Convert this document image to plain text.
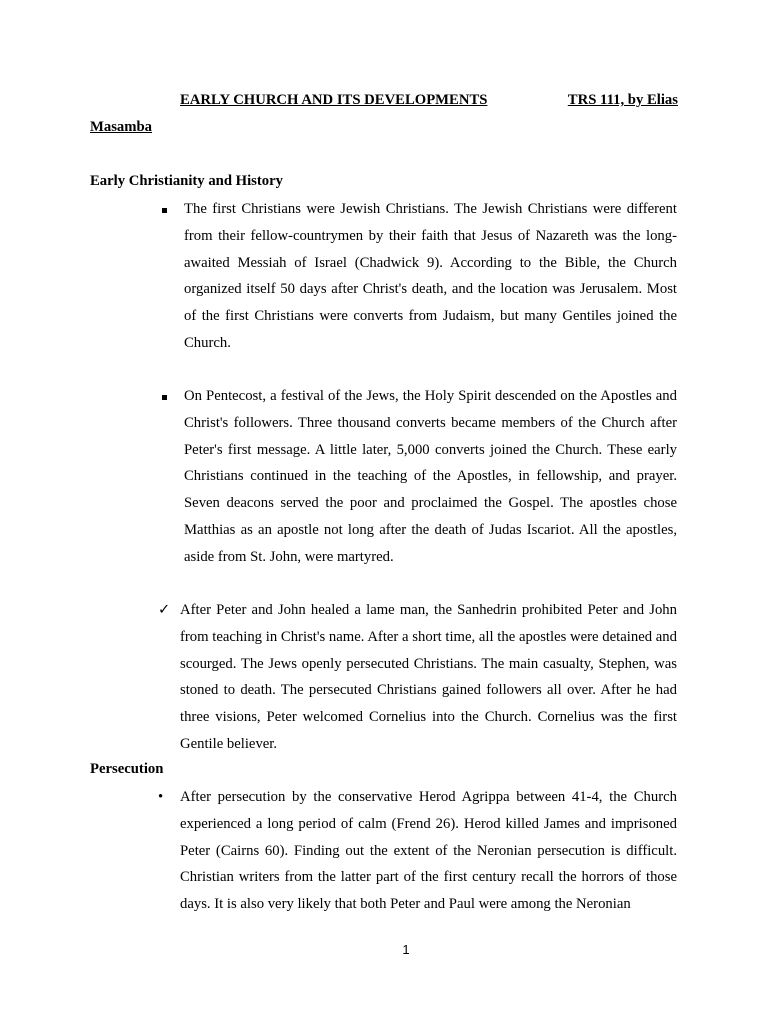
EARLY CHURCH AND ITS DEVELOPMENTS	TRS 111, by Elias
Masamba
Early Christianity and History
The first Christians were Jewish Christians. The Jewish Christians were different from their fellow-countrymen by their faith that Jesus of Nazareth was the long-awaited Messiah of Israel (Chadwick 9). According to the Bible, the Church organized itself 50 days after Christ's death, and the location was Jerusalem. Most of the first Christians were converts from Judaism, but many Gentiles joined the Church.
On Pentecost, a festival of the Jews, the Holy Spirit descended on the Apostles and Christ's followers. Three thousand converts became members of the Church after Peter's first message. A little later, 5,000 converts joined the Church. These early Christians continued in the teaching of the Apostles, in fellowship, and prayer. Seven deacons served the poor and proclaimed the Gospel. The apostles chose Matthias as an apostle not long after the death of Judas Iscariot. All the apostles, aside from St. John, were martyred.
✓ After Peter and John healed a lame man, the Sanhedrin prohibited Peter and John from teaching in Christ's name. After a short time, all the apostles were detained and scourged. The Jews openly persecuted Christians. The main casualty, Stephen, was stoned to death. The persecuted Christians gained followers all over. After he had three visions, Peter welcomed Cornelius into the Church. Cornelius was the first Gentile believer.
Persecution
• After persecution by the conservative Herod Agrippa between 41-4, the Church experienced a long period of calm (Frend 26). Herod killed James and imprisoned Peter (Cairns 60). Finding out the extent of the Neronian persecution is difficult. Christian writers from the latter part of the first century recall the horrors of those days. It is also very likely that both Peter and Paul were among the Neronian
1
